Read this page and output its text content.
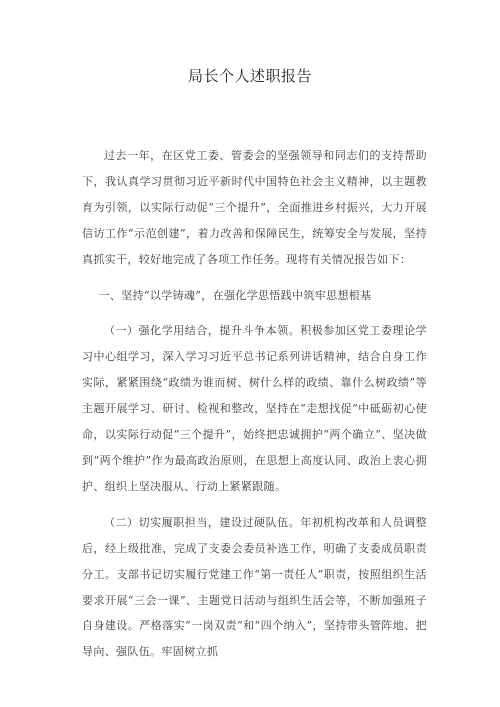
局长个人述职报告

过去一年，在区党工委、管委会的坚强领导和同志们的支持帮助下，我认真学习贯彻习近平新时代中国特色社会主义精神，以主题教育为引领，以实际行动促“三个提升”，全面推进乡村振兴，大力开展信访工作“示范创建”，着力改善和保障民生，统筹安全与发展，坚持真抓实干，较好地完成了各项工作任务。现将有关情况报告如下：

一、坚持“以学铸魂”，在强化学思悟践中筑牢思想根基

（一）强化学用结合，提升斗争本领。积极参加区党工委理论学习中心组学习，深入学习习近平总书记系列讲话精神，结合自身工作实际，紧紧围绕“政绩为谁而树、树什么样的政绩、靠什么树政绩”等主题开展学习、研讨、检视和整改，坚持在“走想找促”中砥砺初心使命，以实际行动促“三个提升”，始终把忠诚拥护“两个确立”、坚决做到“两个维护”作为最高政治原则，在思想上高度认同、政治上衷心拥护、组织上坚决服从、行动上紧紧跟随。

（二）切实履职担当，建设过硬队伍。年初机构改革和人员调整后，经上级批准，完成了支委会委员补选工作，明确了支委成员职责分工。支部书记切实履行党建工作“第一责任人”职责，按照组织生活要求开展“三会一课”、主题党日活动与组织生活会等，不断加强班子自身建设。严格落实“一岗双责”和“四个纳入”，坚持带头管阵地、把导向、强队伍。牢固树立抓
